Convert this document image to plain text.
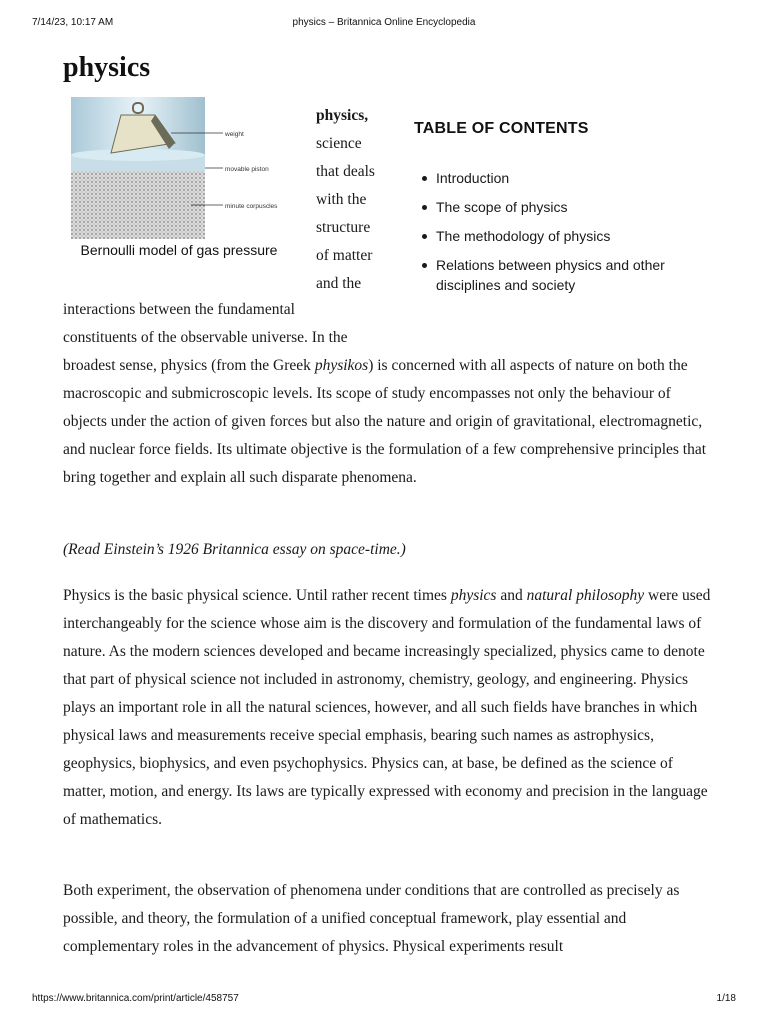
7/14/23, 10:17 AM	physics – Britannica Online Encyclopedia
physics
weight
movable piston
minute corpuscles
Bernoulli model of gas pressure
physics,
science
that deals
with the
structure
of matter
and the
TABLE OF CONTENTS
Introduction
The scope of physics
The methodology of physics
Relations between physics and other disciplines and society
interactions between the fundamental
constituents of the observable universe. In the

broadest sense, physics (from the Greek physikos) is concerned with all aspects of nature on both the macroscopic and submicroscopic levels. Its scope of study encompasses not only the behaviour of objects under the action of given forces but also the nature and origin of gravitational, electromagnetic, and nuclear force fields. Its ultimate objective is the formulation of a few comprehensive principles that bring together and explain all such disparate phenomena.

(Read Einstein’s 1926 Britannica essay on space-time.)

Physics is the basic physical science. Until rather recent times physics and natural philosophy were used interchangeably for the science whose aim is the discovery and formulation of the fundamental laws of nature. As the modern sciences developed and became increasingly specialized, physics came to denote that part of physical science not included in astronomy, chemistry, geology, and engineering. Physics plays an important role in all the natural sciences, however, and all such fields have branches in which physical laws and measurements receive special emphasis, bearing such names as astrophysics, geophysics, biophysics, and even psychophysics. Physics can, at base, be defined as the science of matter, motion, and energy. Its laws are typically expressed with economy and precision in the language of mathematics.

Both experiment, the observation of phenomena under conditions that are controlled as precisely as possible, and theory, the formulation of a unified conceptual framework, play essential and complementary roles in the advancement of physics. Physical experiments result

https://www.britannica.com/print/article/458757	1/18
